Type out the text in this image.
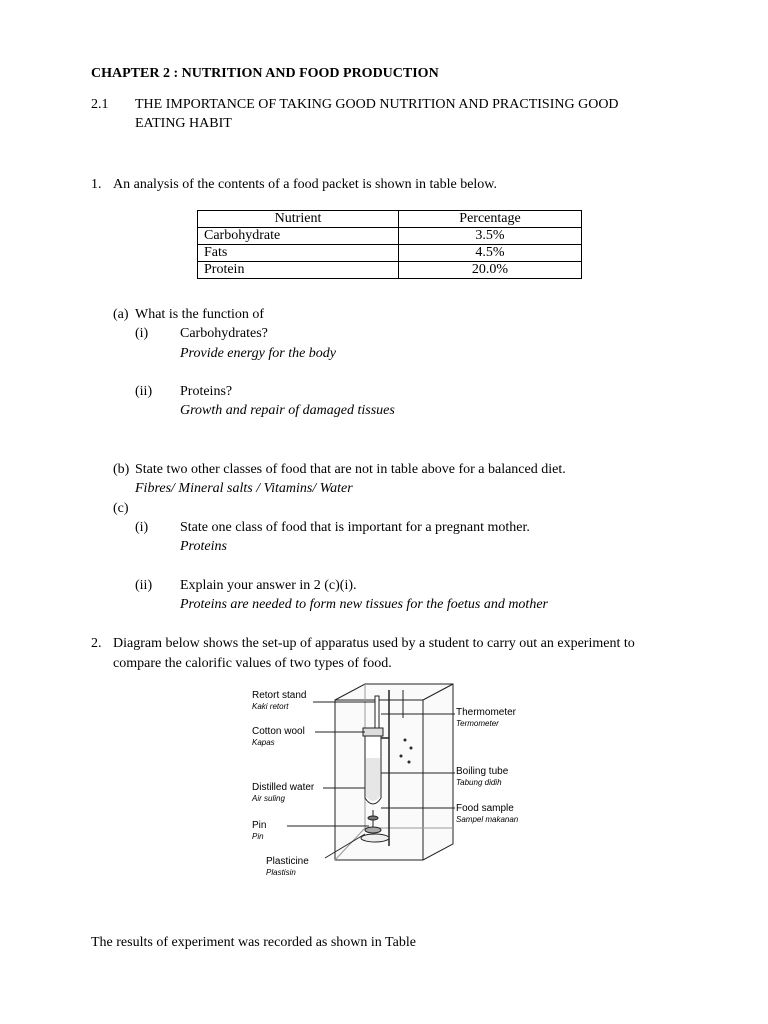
CHAPTER 2 : NUTRITION AND FOOD PRODUCTION
2.1 THE IMPORTANCE OF TAKING GOOD NUTRITION AND PRACTISING GOOD
EATING HABIT
1. An analysis of the contents of a food packet is shown in table below.
Nutrient	Percentage
Carbohydrate	3.5%
Fats	4.5%
Protein	20.0%
(a) What is the function of
(i) Carbohydrates?
Provide energy for the body
(ii) Proteins?
Growth and repair of damaged tissues
(b) State two other classes of food that are not in table above for a balanced diet.
Fibres/ Mineral salts / Vitamins/ Water
(c)
(i) State one class of food that is important for a pregnant mother.
Proteins
(ii) Explain your answer in 2 (c)(i).
Proteins are needed to form new tissues for the foetus and mother
2. Diagram below shows the set-up of apparatus used by a student to carry out an experiment to
compare the calorific values of two types of food.
Retort stand
Kaki retort
Cotton wool
Kapas
Distilled water
Air suling
Pin
Pin
Plasticine
Plastisin
Thermometer
Termometer
Boiling tube
Tabung didih
Food sample
Sampel makanan
The results of experiment was recorded as shown in Table
